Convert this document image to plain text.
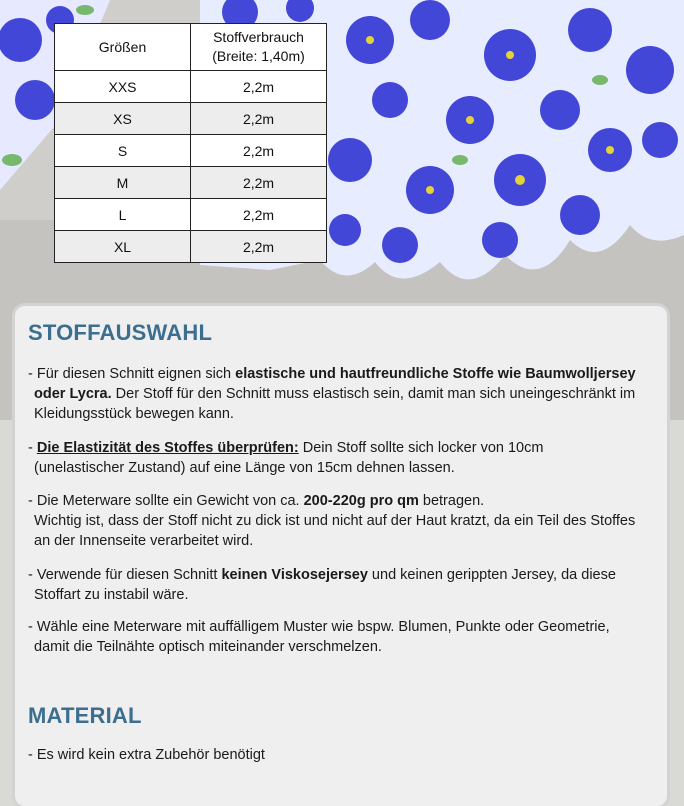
Größen	Stoffverbrauch
(Breite: 1,40m)
XXS	2,2m
XS	2,2m
S	2,2m
M	2,2m
L	2,2m
XL	2,2m
STOFFAUSWAHL

- Für diesen Schnitt eignen sich elastische und hautfreundliche Stoffe wie Baumwolljersey

oder Lycra. Der Stoff für den Schnitt muss elastisch sein, damit man sich uneingeschränkt im
Kleidungsstück bewegen kann.

- Die Elastizität des Stoffes überprüfen: Dein Stoff sollte sich locker von 10cm

(unelastischer Zustand) auf eine Länge von 15cm dehnen lassen.

- Die Meterware sollte ein Gewicht von ca. 200-220g pro qm betragen.

Wichtig ist, dass der Stoff nicht zu dick ist und nicht auf der Haut kratzt, da ein Teil des Stoffes
an der Innenseite verarbeitet wird.

- Verwende für diesen Schnitt keinen Viskosejersey und keinen gerippten Jersey, da diese

Stoffart zu instabil wäre.

- Wähle eine Meterware mit auffälligem Muster wie bspw. Blumen, Punkte oder Geometrie,

damit die Teilnähte optisch miteinander verschmelzen.

MATERIAL

- Es wird kein extra Zubehör benötigt
